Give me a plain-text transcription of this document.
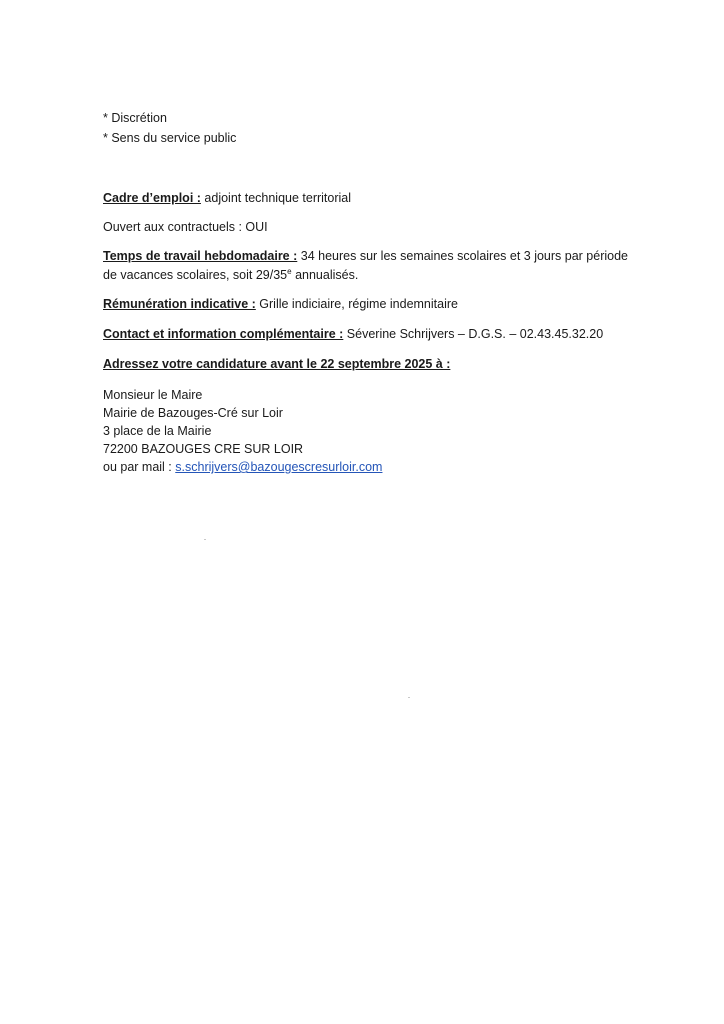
* Discrétion

* Sens du service public

Cadre d’emploi : adjoint technique territorial

Ouvert aux contractuels : OUI

Temps de travail hebdomadaire : 34 heures sur les semaines scolaires et 3 jours par période

de vacances scolaires, soit 29/35e annualisés.

Rémunération indicative : Grille indiciaire, régime indemnitaire

Contact et information complémentaire : Séverine Schrijvers – D.G.S. – 02.43.45.32.20

Adressez votre candidature avant le 22 septembre 2025 à :

Monsieur le Maire

Mairie de Bazouges-Cré sur Loir

3 place de la Mairie

72200 BAZOUGES CRE SUR LOIR

ou par mail : s.schrijvers@bazougescresurloir.com
